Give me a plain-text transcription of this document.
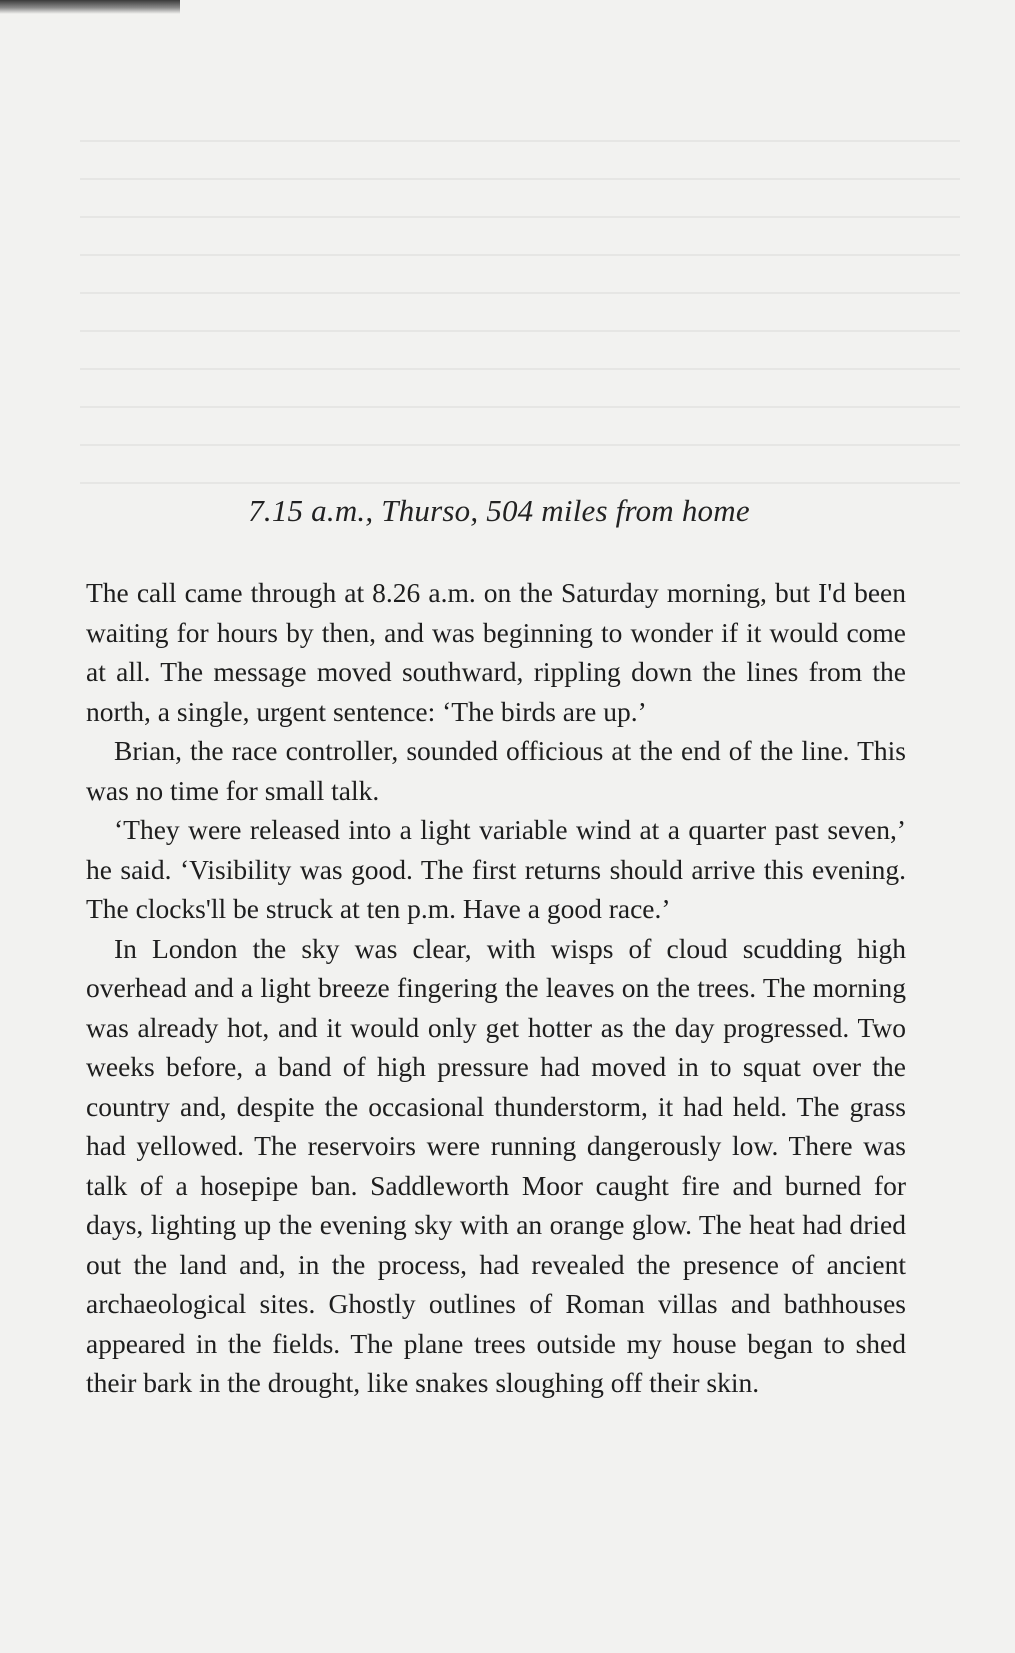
7.15 a.m., Thurso, 504 miles from home

The call came through at 8.26 a.m. on the Saturday morning, but I'd been waiting for hours by then, and was beginning to wonder if it would come at all. The message moved southward, rippling down the lines from the north, a single, urgent sentence: ‘The birds are up.’

Brian, the race controller, sounded officious at the end of the line. This was no time for small talk.

‘They were released into a light variable wind at a quarter past seven,’ he said. ‘Visibility was good. The first returns should arrive this evening. The clocks'll be struck at ten p.m. Have a good race.’

In London the sky was clear, with wisps of cloud scudding high overhead and a light breeze fingering the leaves on the trees. The morning was already hot, and it would only get hotter as the day progressed. Two weeks before, a band of high pressure had moved in to squat over the country and, despite the occasional thunderstorm, it had held. The grass had yellowed. The reservoirs were running dangerously low. There was talk of a hosepipe ban. Saddleworth Moor caught fire and burned for days, lighting up the evening sky with an orange glow. The heat had dried out the land and, in the process, had revealed the presence of ancient archaeological sites. Ghostly outlines of Roman villas and bathhouses appeared in the fields. The plane trees outside my house began to shed their bark in the drought, like snakes sloughing off their skin.
